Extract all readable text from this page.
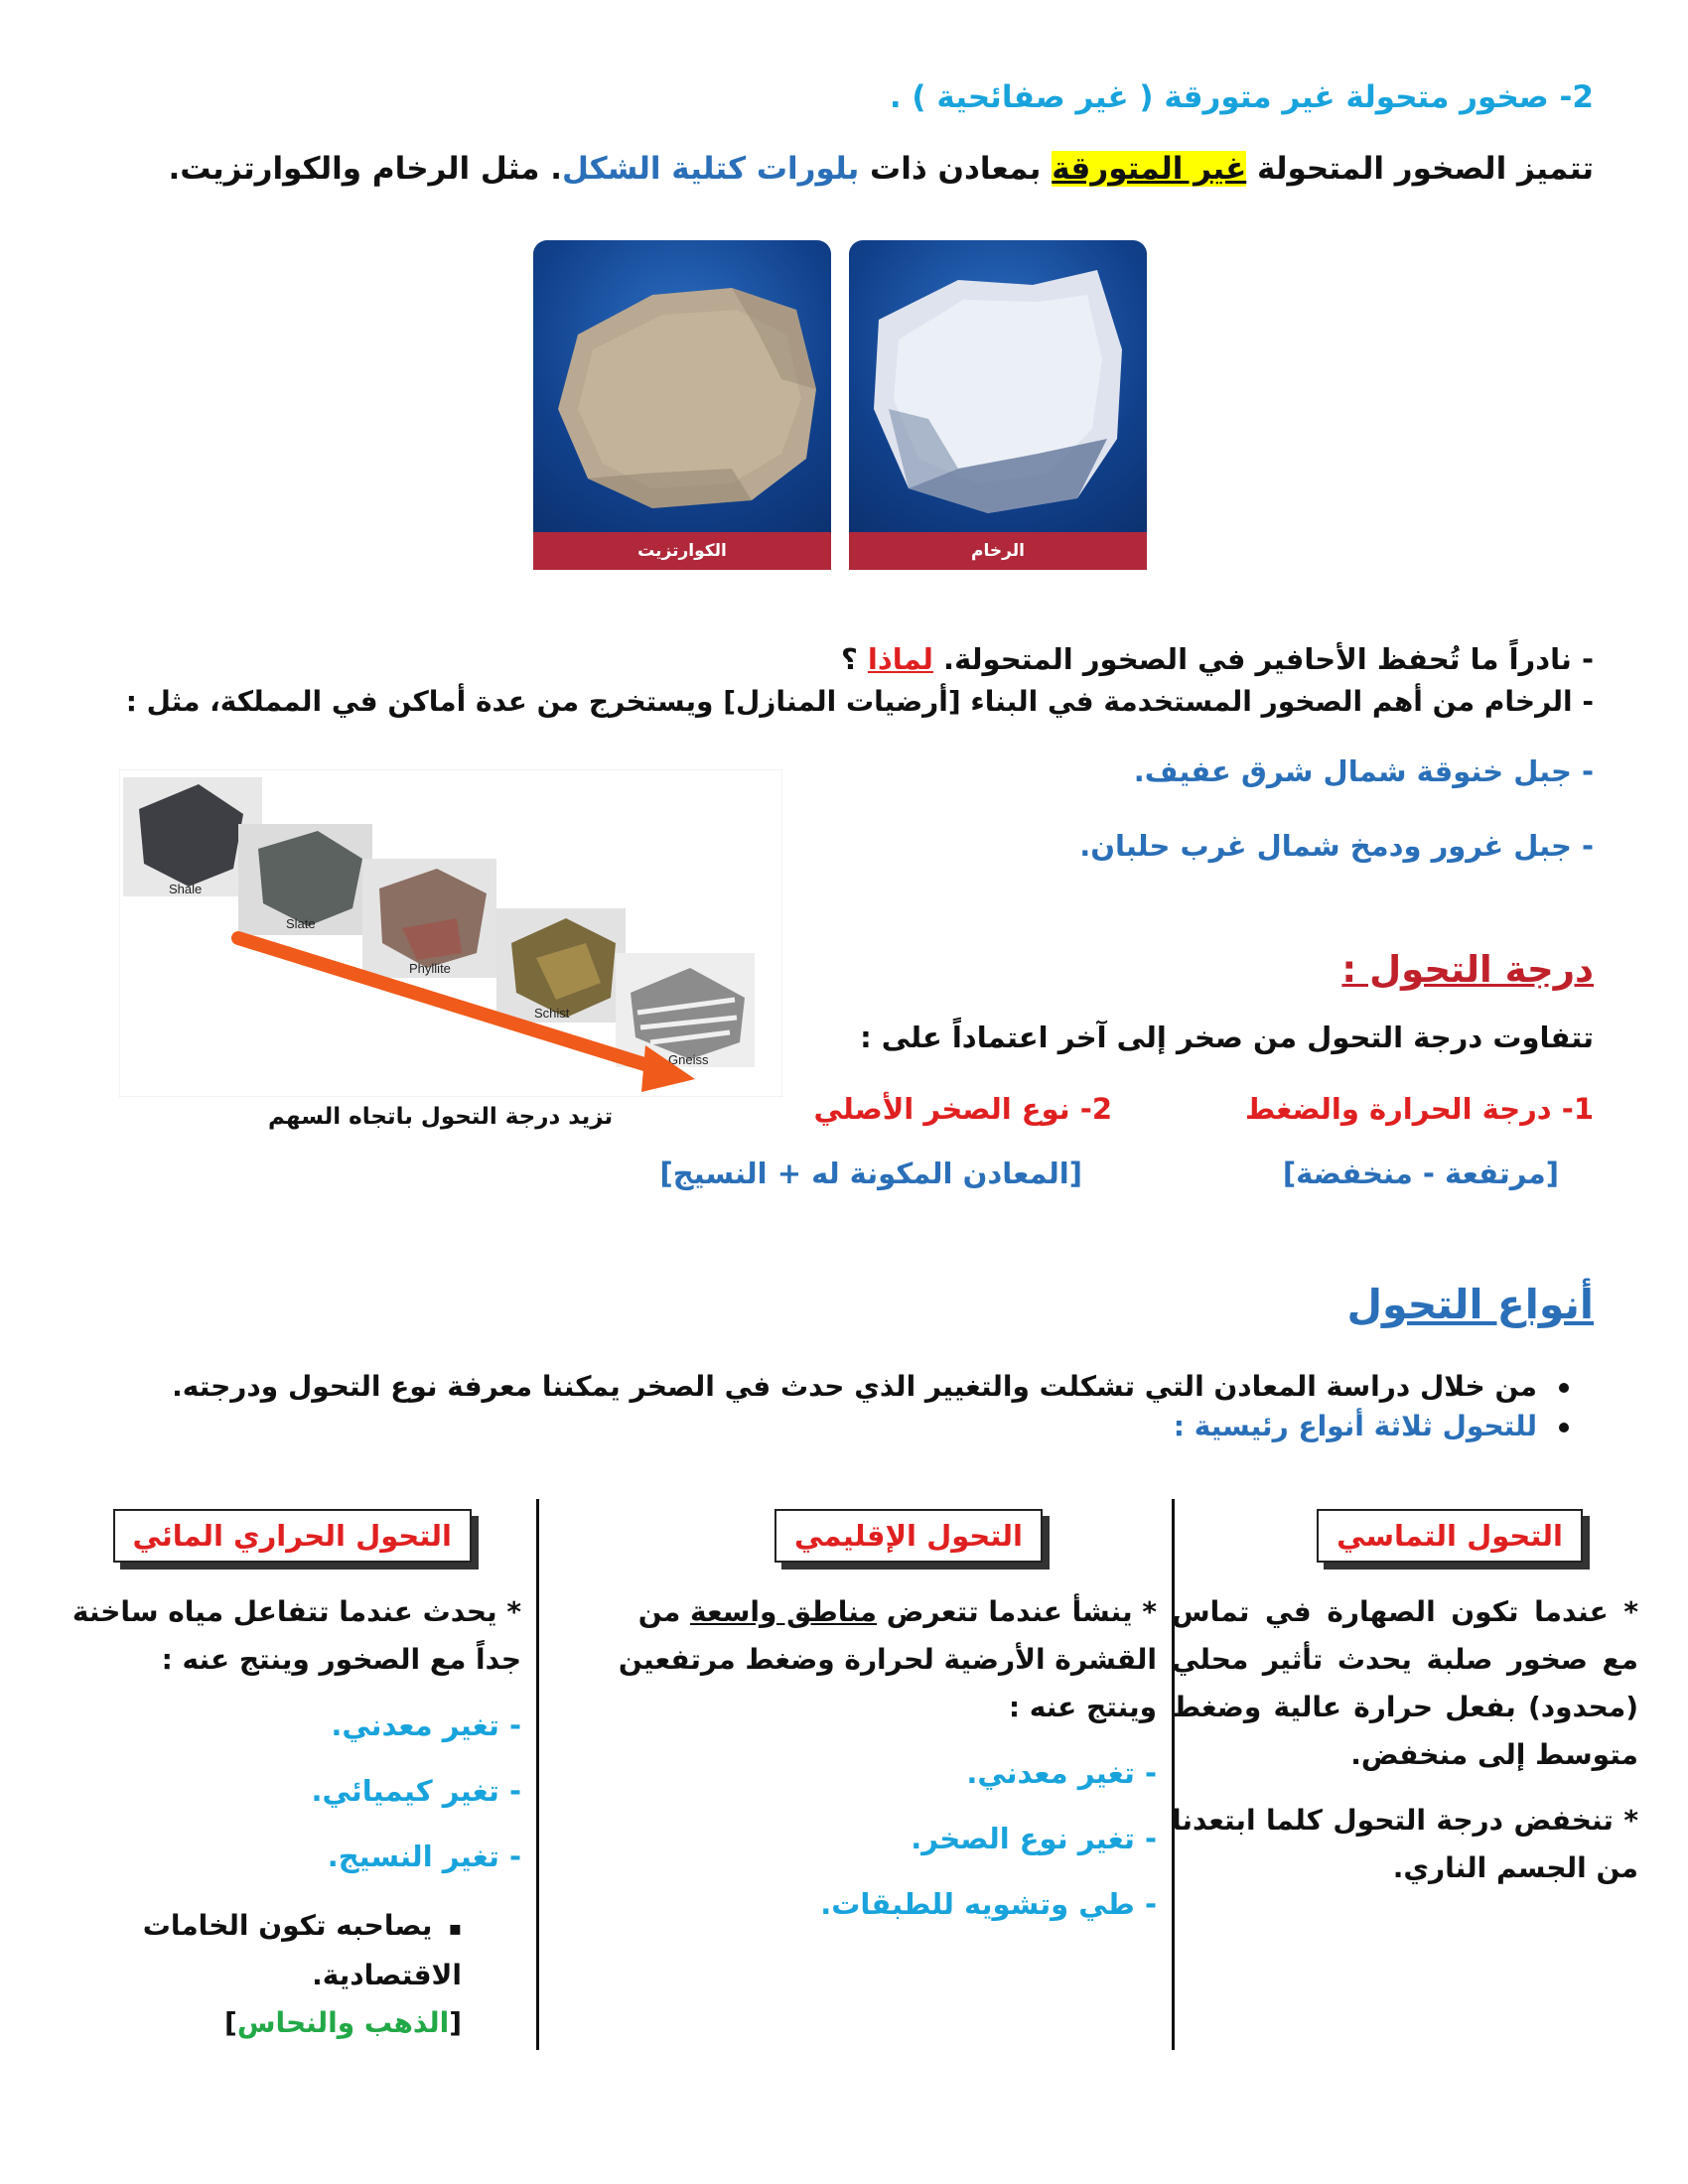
2- صخور متحولة غير متورقة ( غير صفائحية ) .
تتميز الصخور المتحولة غير المتورقة بمعادن ذات بلورات كتلية الشكل. مثل الرخام والكوارتزيت.
الكوارتزيت	الرخام
- نادراً ما تُحفظ الأحافير في الصخور المتحولة. لماذا ؟
- الرخام من أهم الصخور المستخدمة في البناء [أرضيات المنازل] ويستخرج من عدة أماكن في المملكة، مثل :
- جبل خنوقة شمال شرق عفيف.
- جبل غرور ودمخ شمال غرب حلبان.
Shale
Slate
Phyllite
Schist
Gneiss
تزيد درجة التحول باتجاه السهم
درجة التحول :
تتفاوت درجة التحول من صخر إلى آخر اعتماداً على :
1- درجة الحرارة والضغط
2- نوع الصخر الأصلي
[مرتفعة - منخفضة]
[المعادن المكونة له + النسيج]
أنواع التحول
من خلال دراسة المعادن التي تشكلت والتغيير الذي حدث في الصخر يمكننا معرفة نوع التحول ودرجته.
للتحول ثلاثة أنواع رئيسية :
التحول التماسي
التحول الإقليمي
التحول الحراري المائي

* عندما تكون الصهارة في تماس مع صخور صلبة يحدث تأثير محلي (محدود) بفعل حرارة عالية وضغط متوسط إلى منخفض.

* تنخفض درجة التحول كلما ابتعدنا من الجسم الناري.

* ينشأ عندما تتعرض مناطق واسعة من القشرة الأرضية لحرارة وضغط مرتفعين وينتج عنه :

- تغير معدني.

- تغير نوع الصخر.

- طي وتشويه للطبقات.

* يحدث عندما تتفاعل مياه ساخنة جداً مع الصخور وينتج عنه :

- تغير معدني.

- تغير كيميائي.

- تغير النسيج.

▪يصاحبه تكون الخامات الاقتصادية.

[الذهب والنحاس]
